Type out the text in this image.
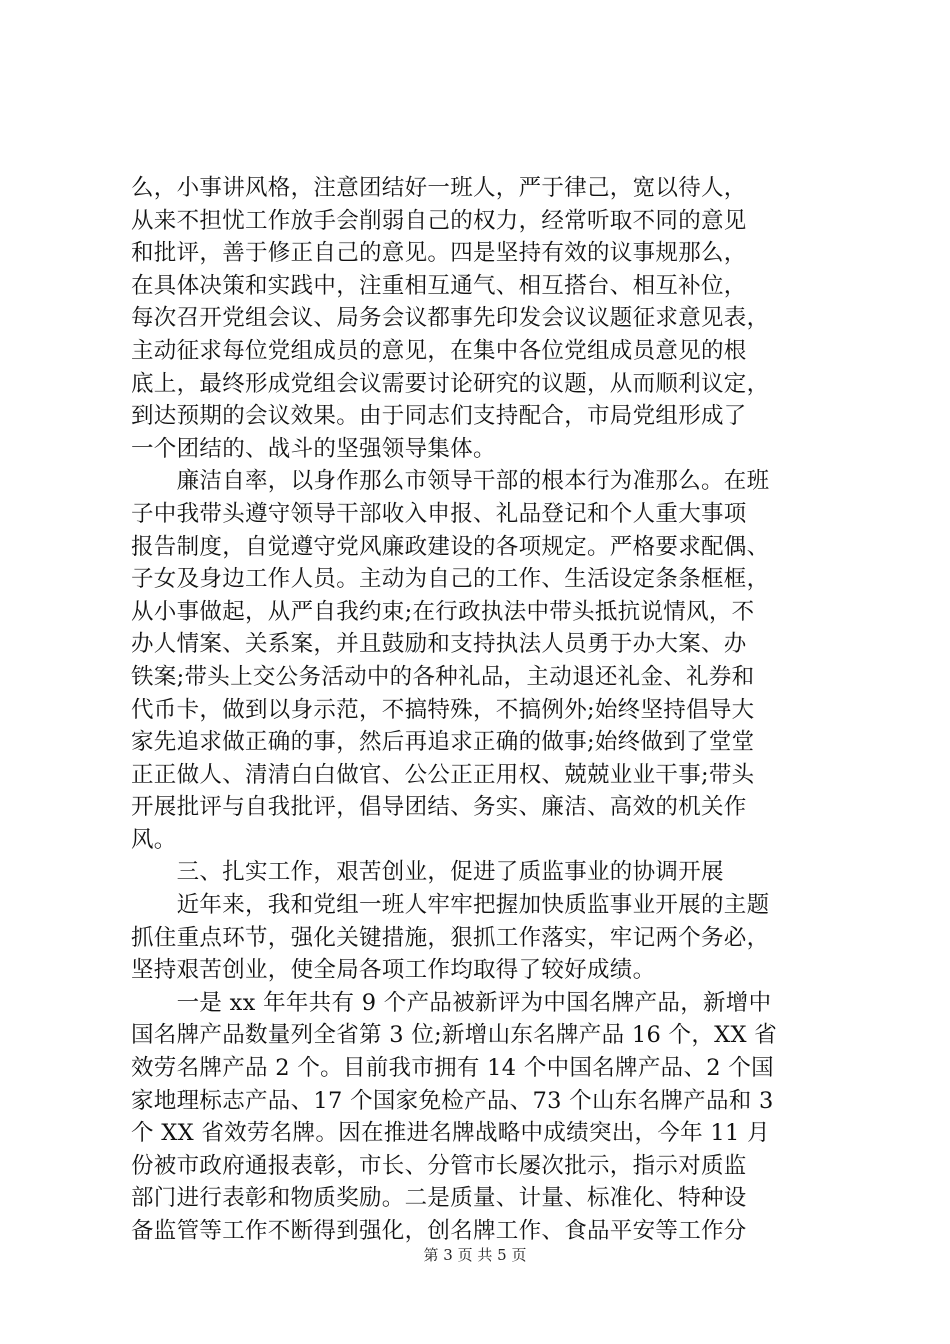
么，小事讲风格，注意团结好一班人，严于律己，宽以待人，
从来不担忧工作放手会削弱自己的权力，经常听取不同的意见
和批评，善于修正自己的意见。四是坚持有效的议事规那么，
在具体决策和实践中，注重相互通气、相互搭台、相互补位，
每次召开党组会议、局务会议都事先印发会议议题征求意见表，
主动征求每位党组成员的意见，在集中各位党组成员意见的根
底上，最终形成党组会议需要讨论研究的议题，从而顺利议定，
到达预期的会议效果。由于同志们支持配合，市局党组形成了
一个团结的、战斗的坚强领导集体。
　　廉洁自率，以身作那么市领导干部的根本行为准那么。在班
子中我带头遵守领导干部收入申报、礼品登记和个人重大事项
报告制度，自觉遵守党风廉政建设的各项规定。严格要求配偶、
子女及身边工作人员。主动为自己的工作、生活设定条条框框，
从小事做起，从严自我约束;在行政执法中带头抵抗说情风，不
办人情案、关系案，并且鼓励和支持执法人员勇于办大案、办
铁案;带头上交公务活动中的各种礼品，主动退还礼金、礼券和
代币卡，做到以身示范，不搞特殊，不搞例外;始终坚持倡导大
家先追求做正确的事，然后再追求正确的做事;始终做到了堂堂
正正做人、清清白白做官、公公正正用权、兢兢业业干事;带头
开展批评与自我批评，倡导团结、务实、廉洁、高效的机关作
风。
　　三、扎实工作，艰苦创业，促进了质监事业的协调开展
　　近年来，我和党组一班人牢牢把握加快质监事业开展的主题
抓住重点环节，强化关键措施，狠抓工作落实，牢记两个务必，
坚持艰苦创业，使全局各项工作均取得了较好成绩。
　　一是 xx 年年共有 9 个产品被新评为中国名牌产品，新增中
国名牌产品数量列全省第 3 位;新增山东名牌产品 16 个，XX 省
效劳名牌产品 2 个。目前我市拥有 14 个中国名牌产品、2 个国
家地理标志产品、17 个国家免检产品、73 个山东名牌产品和 3
个 XX 省效劳名牌。因在推进名牌战略中成绩突出，今年 11 月
份被市政府通报表彰，市长、分管市长屡次批示，指示对质监
部门进行表彰和物质奖励。二是质量、计量、标准化、特种设
备监管等工作不断得到强化，创名牌工作、食品平安等工作分
第 3 页 共 5 页
